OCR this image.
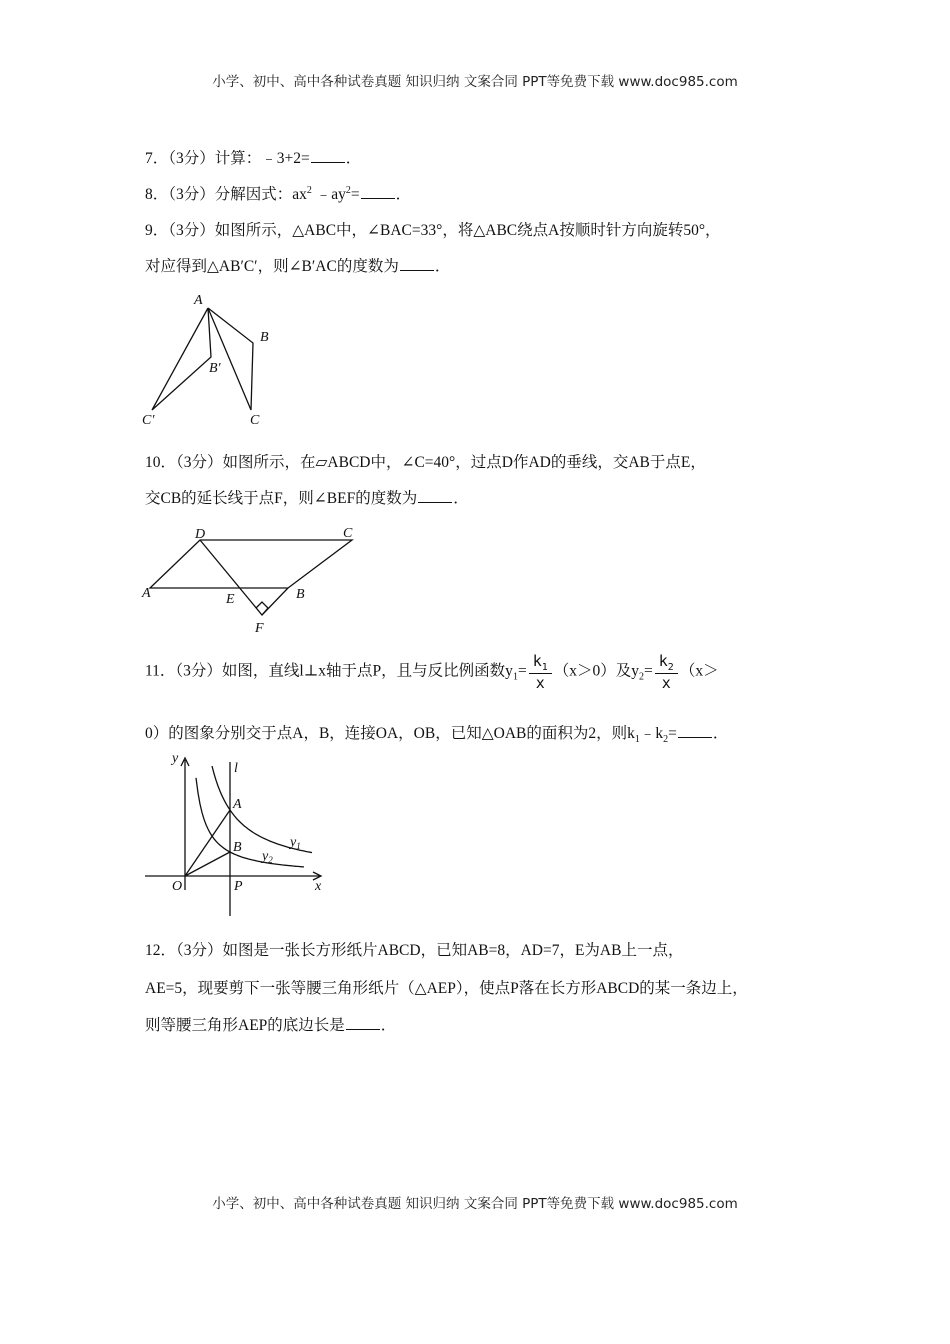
小学、初中、高中各种试卷真题 知识归纳 文案合同 PPT等免费下载 www.doc985.com
7．（3分）计算：﹣3+2= ．
8．（3分）分解因式：$ax^2$ $﹣ay^2=$ ．
9．（3分）如图所示，△ABC中，∠BAC=33°，将△ABC绕点A按顺时针方向旋转50°，
对应得到△AB′C′，则∠B′AC的度数为 ．
A
B
B′
C
C′
D	C
A	E	B
F
y
l
A
B	$y_1$
$y_2$
O	P	x
10．（3分）如图所示，在▱ABCD中，∠C=40°，过点D作AD的垂线，交AB于点E，
交CB的延长线于点F，则∠BEF的度数为 ．
11．（3分）如图，直线l⊥x轴于点P，且与反比例函数$y_1= \frac{k_1}{x} (x>0)$及$y_2= \frac{k_2}{x} (x>$
0）的图象分别交于点A，B，连接OA，OB，已知△OAB的面积为2，则$k_1﹣k_2=$ ．
12．（3分）如图是一张长方形纸片ABCD，已知AB=8，AD=7，E为AB上一点，
AE=5，现要剪下一张等腰三角形纸片（△AEP），使点P落在长方形ABCD的某一条边上，
则等腰三角形AEP的底边长是 ．
小学、初中、高中各种试卷真题 知识归纳 文案合同 PPT等免费下载 www.doc985.com
